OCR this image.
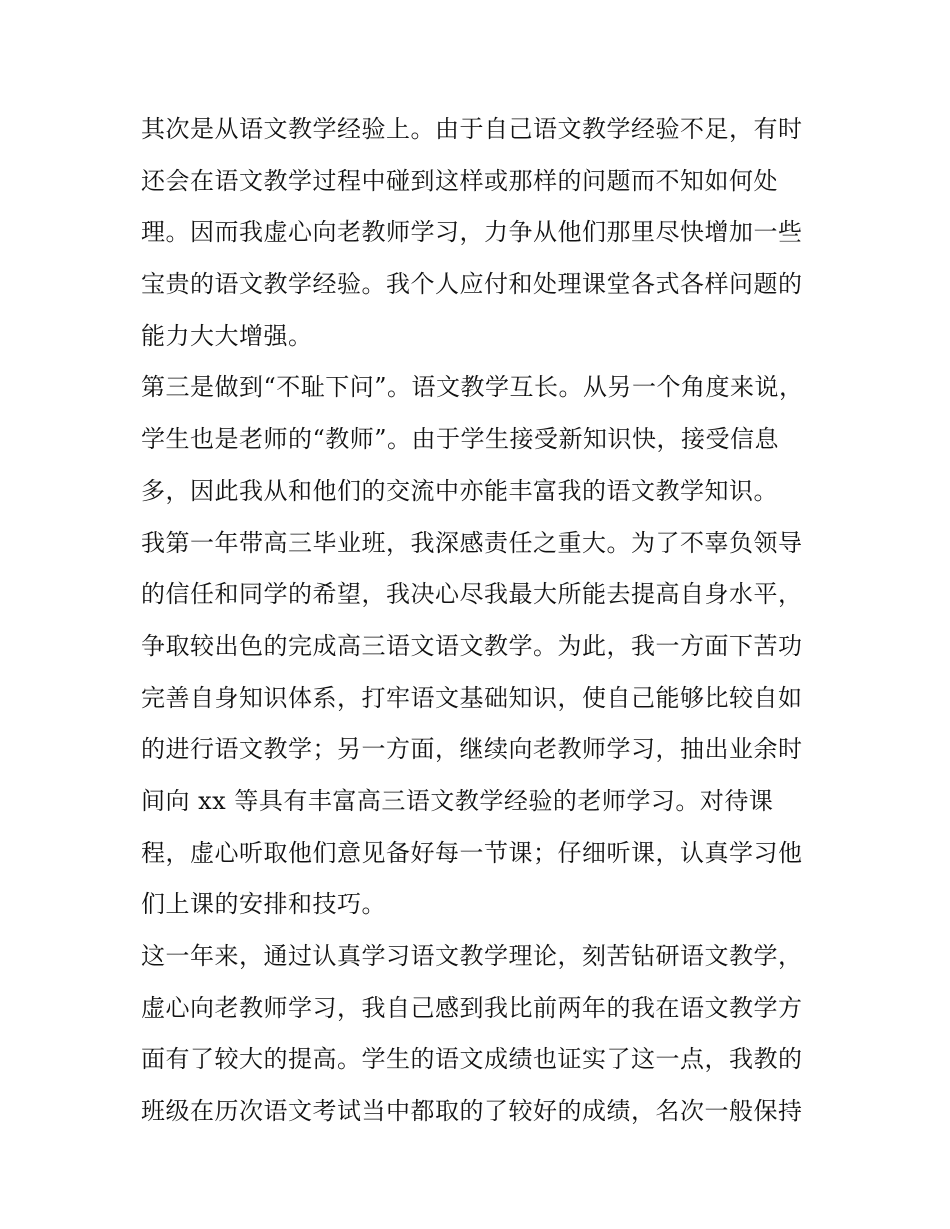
其次是从语文教学经验上。由于自己语文教学经验不足，有时
还会在语文教学过程中碰到这样或那样的问题而不知如何处
理。因而我虚心向老教师学习，力争从他们那里尽快增加一些
宝贵的语文教学经验。我个人应付和处理课堂各式各样问题的
能力大大增强。
第三是做到“不耻下问”。语文教学互长。从另一个角度来说，
学生也是老师的“教师”。由于学生接受新知识快，接受信息
多，因此我从和他们的交流中亦能丰富我的语文教学知识。
我第一年带高三毕业班，我深感责任之重大。为了不辜负领导
的信任和同学的希望，我决心尽我最大所能去提高自身水平，
争取较出色的完成高三语文语文教学。为此，我一方面下苦功
完善自身知识体系，打牢语文基础知识，使自己能够比较自如
的进行语文教学；另一方面，继续向老教师学习，抽出业余时
间向 xx 等具有丰富高三语文教学经验的老师学习。对待课
程，虚心听取他们意见备好每一节课；仔细听课，认真学习他
们上课的安排和技巧。
这一年来，通过认真学习语文教学理论，刻苦钻研语文教学，
虚心向老教师学习，我自己感到我比前两年的我在语文教学方
面有了较大的提高。学生的语文成绩也证实了这一点，我教的
班级在历次语文考试当中都取的了较好的成绩，名次一般保持
